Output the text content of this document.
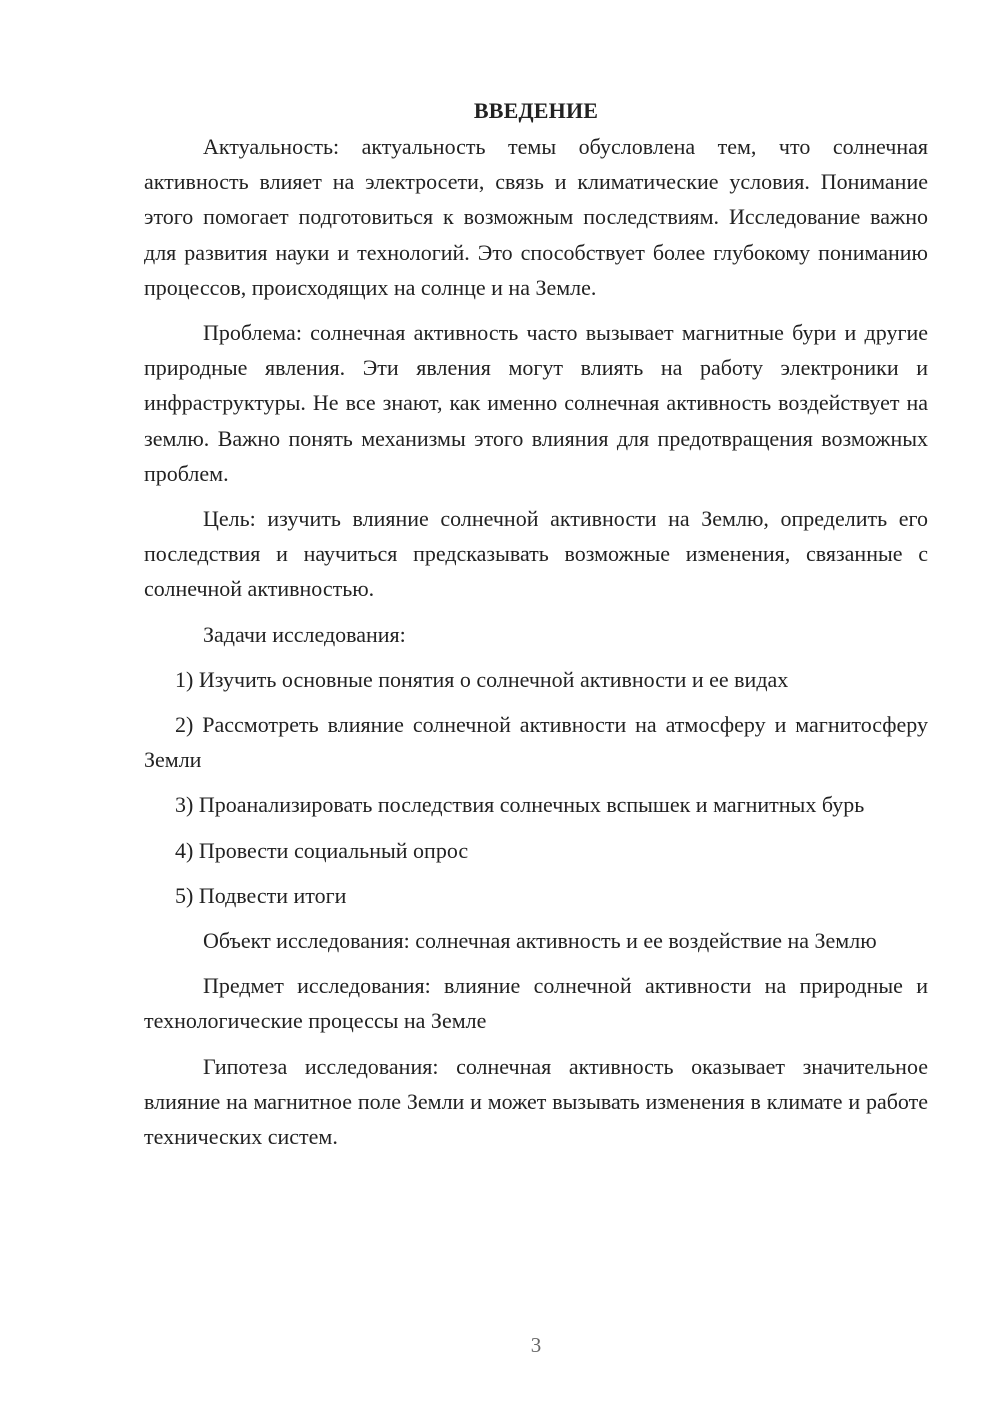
ВВЕДЕНИЕ

Актуальность: актуальность темы обусловлена тем, что солнечная активность влияет на электросети, связь и климатические условия. Понимание этого помогает подготовиться к возможным последствиям. Исследование важно для развития науки и технологий. Это способствует более глубокому пониманию процессов, происходящих на солнце и на Земле.

Проблема: солнечная активность часто вызывает магнитные бури и другие природные явления. Эти явления могут влиять на работу электроники и инфраструктуры. Не все знают, как именно солнечная активность воздействует на землю. Важно понять механизмы этого влияния для предотвращения возможных проблем.

Цель: изучить влияние солнечной активности на Землю, определить его последствия и научиться предсказывать возможные изменения, связанные с солнечной активностью.

Задачи исследования:

1) Изучить основные понятия о солнечной активности и ее видах

2) Рассмотреть влияние солнечной активности на атмосферу и магнитосферу Земли

3) Проанализировать последствия солнечных вспышек и магнитных бурь

4) Провести социальный опрос

5) Подвести итоги

Объект исследования: солнечная активность и ее воздействие на Землю

Предмет исследования: влияние солнечной активности на природные и технологические процессы на Земле

Гипотеза исследования: солнечная активность оказывает значительное влияние на магнитное поле Земли и может вызывать изменения в климате и работе технических систем.

3
